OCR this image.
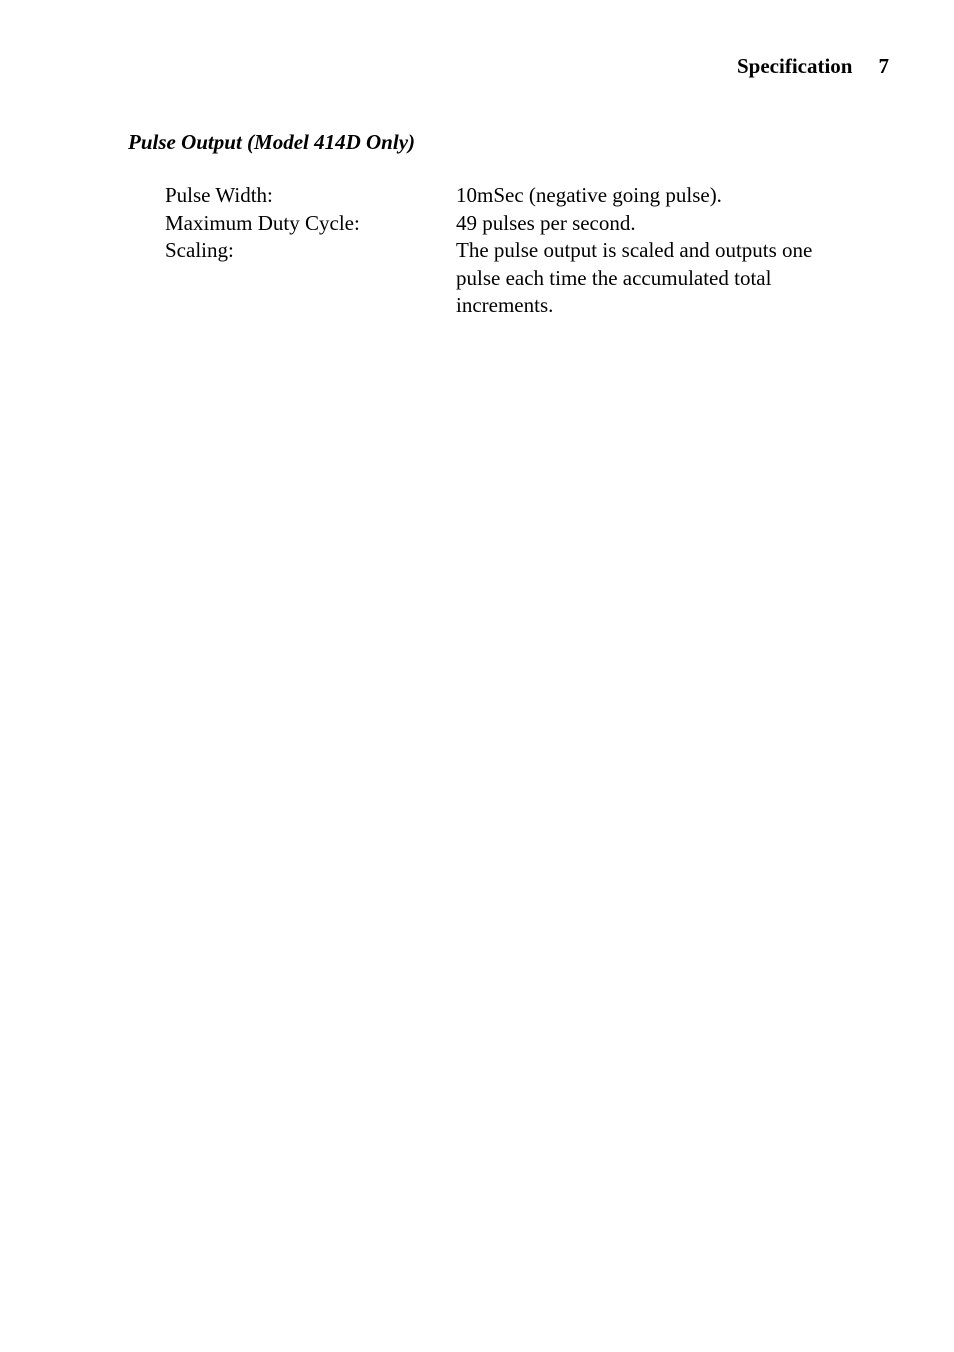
Specification 7
Pulse Output (Model 414D Only)
Pulse Width:	10mSec (negative going pulse).
Maximum Duty Cycle:	49 pulses per second.
Scaling:	The pulse output is scaled and outputs one pulse each time the accumulated total increments.
